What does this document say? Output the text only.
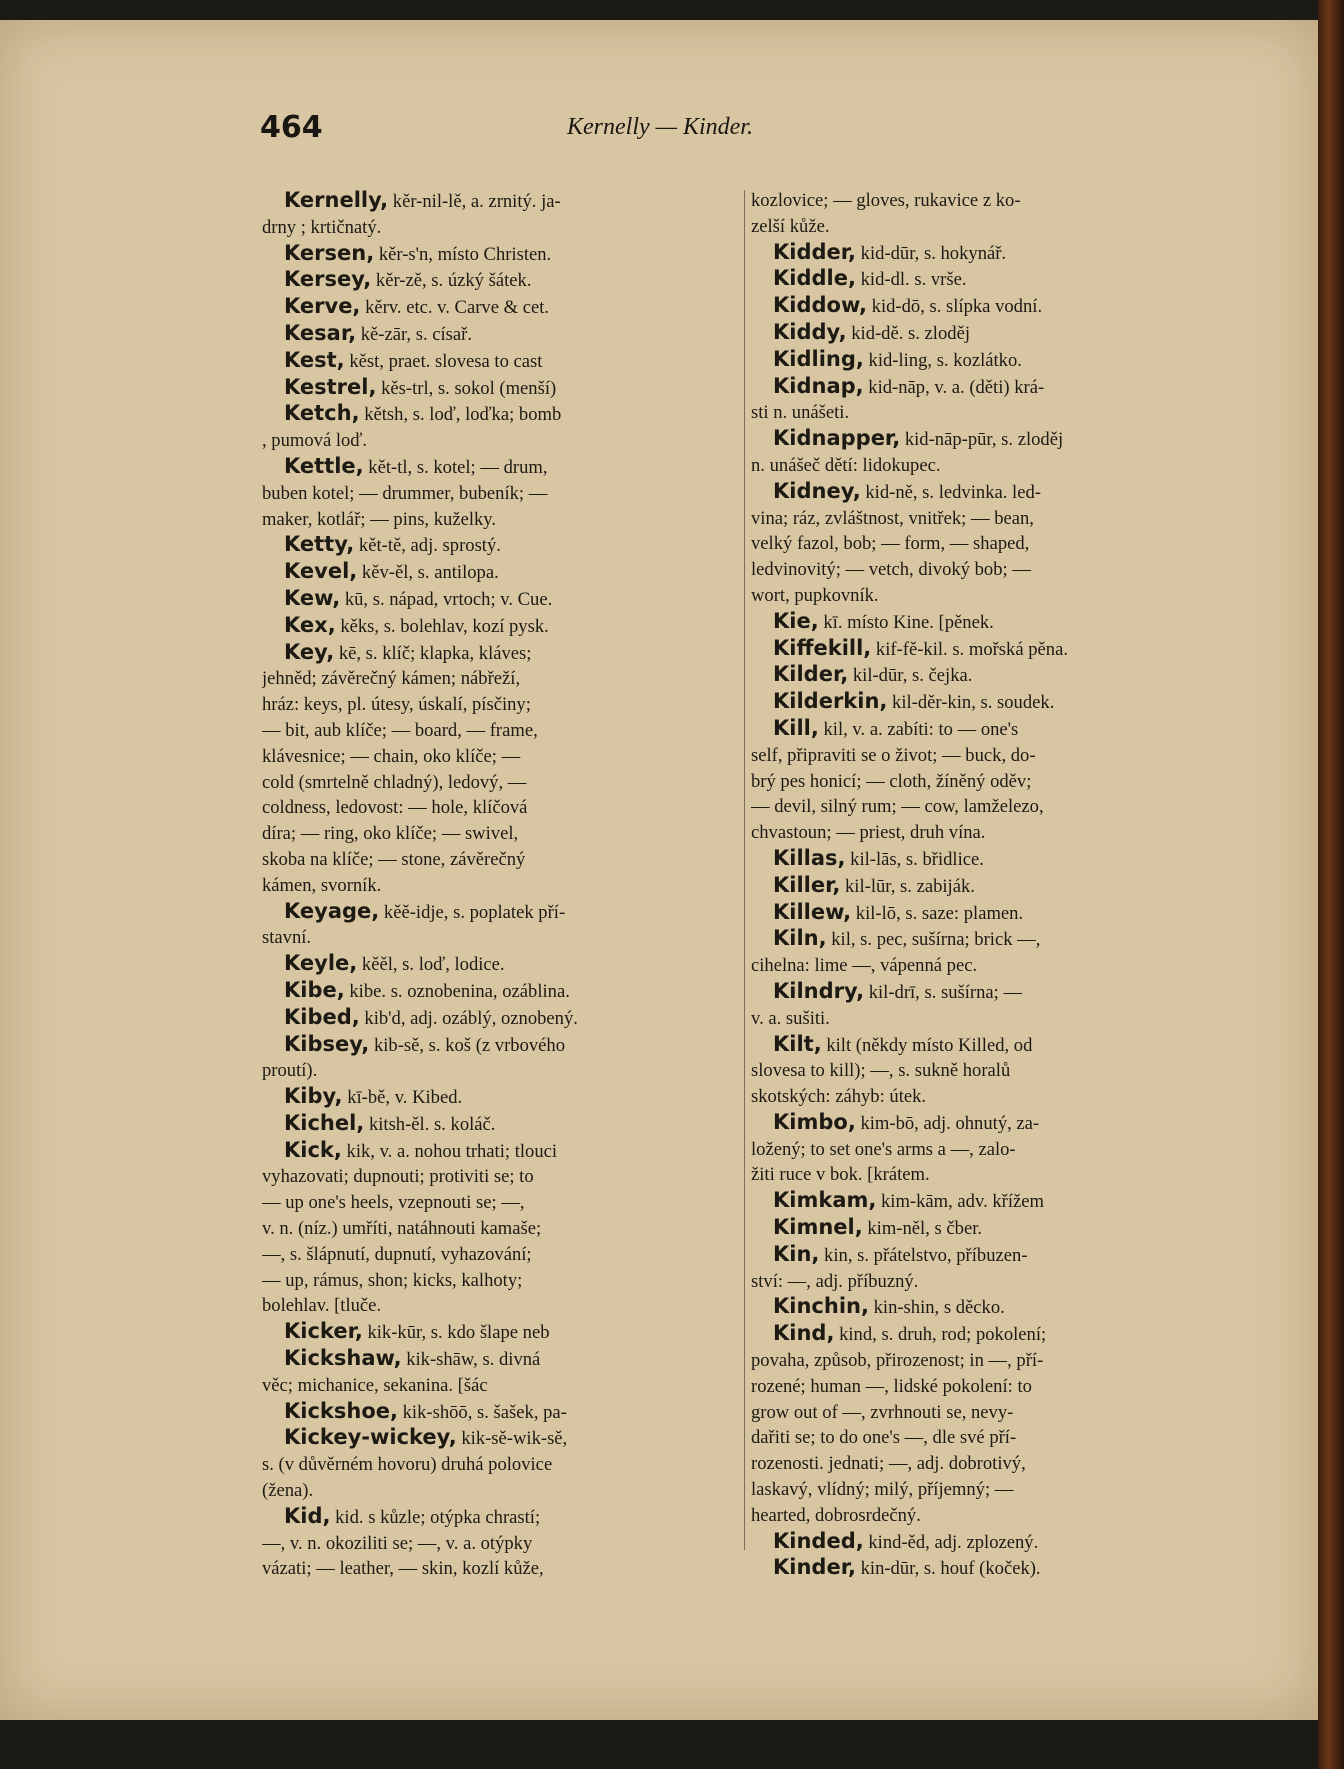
464	Kernelly — Kinder.
Kernelly, kěr-nil-lě, a. zrnitý. ja-
drny ; krtičnatý.
Kersen, kěr-s'n, místo Christen.
Kersey, kěr-zě, s. úzký šátek.
Kerve, kěrv. etc. v. Carve & cet.
Kesar, kě-zār, s. císař.
Kest, kěst, praet. slovesa to cast
Kestrel, kěs-trl, s. sokol (menší)
Ketch, kětsh, s. loď, loďka; bomb
, pumová loď.
Kettle, kět-tl, s. kotel; — drum,
buben kotel; — drummer, bubeník; —
maker, kotlář; — pins, kuželky.
Ketty, kět-tě, adj. sprostý.
Kevel, kěv-ěl, s. antilopa.
Kew, kū, s. nápad, vrtoch; v. Cue.
Kex, kěks, s. bolehlav, kozí pysk.
Key, kē, s. klíč; klapka, kláves;
jehněd; závěrečný kámen; nábřeží,
hráz: keys, pl. útesy, úskalí, písčiny;
— bit, aub klíče; — board, — frame,
klávesnice; — chain, oko klíče; —
cold (smrtelně chladný), ledový, —
coldness, ledovost: — hole, klíčová
díra; — ring, oko klíče; — swivel,
skoba na klíče; — stone, závěrečný
kámen, svorník.
Keyage, kěě-idje, s. poplatek pří-
stavní.
Keyle, kěěl, s. loď, lodice.
Kibe, kibe. s. oznobenina, ozáblina.
Kibed, kib'd, adj. ozáblý, oznobený.
Kibsey, kib-sě, s. koš (z vrbového
proutí).
Kiby, kī-bě, v. Kibed.
Kichel, kitsh-ěl. s. koláč.
Kick, kik, v. a. nohou trhati; tlouci
vyhazovati; dupnouti; protiviti se; to
— up one's heels, vzepnouti se; —,
v. n. (níz.) umříti, natáhnouti kamaše;
—, s. šlápnutí, dupnutí, vyhazování;
— up, rámus, shon; kicks, kalhoty;
bolehlav. [tluče.
Kicker, kik-kūr, s. kdo šlape neb
Kickshaw, kik-shāw, s. divná
věc; michanice, sekanina. [šác
Kickshoe, kik-shōō, s. šašek, pa-
Kickey-wickey, kik-sě-wik-sě,
s. (v důvěrném hovoru) druhá polovice
(žena).
Kid, kid. s kůzle; otýpka chrastí;
—, v. n. okoziliti se; —, v. a. otýpky
vázati; — leather, — skin, kozlí kůže,
kozlovice; — gloves, rukavice z ko-
zelší kůže.
Kidder, kid-dūr, s. hokynář.
Kiddle, kid-dl. s. vrše.
Kiddow, kid-dō, s. slípka vodní.
Kiddy, kid-dě. s. zloděj
Kidling, kid-ling, s. kozlátko.
Kidnap, kid-nāp, v. a. (děti) krá-
sti n. unášeti.
Kidnapper, kid-nāp-pūr, s. zloděj
n. unášeč dětí: lidokupec.
Kidney, kid-ně, s. ledvinka. led-
vina; ráz, zvláštnost, vnitřek; — bean,
velký fazol, bob; — form, — shaped,
ledvinovitý; — vetch, divoký bob; —
wort, pupkovník.
Kie, kī. místo Kine. [pěnek.
Kiffekill, kif-fě-kil. s. mořská pěna.
Kilder, kil-dūr, s. čejka.
Kilderkin, kil-děr-kin, s. soudek.
Kill, kil, v. a. zabíti: to — one's
self, připraviti se o život; — buck, do-
brý pes honicí; — cloth, žíněný oděv;
— devil, silný rum; — cow, lamželezo,
chvastoun; — priest, druh vína.
Killas, kil-lās, s. břidlice.
Killer, kil-lūr, s. zabiják.
Killew, kil-lō, s. saze: plamen.
Kiln, kil, s. pec, sušírna; brick —,
cihelna: lime —, vápenná pec.
Kilndry, kil-drī, s. sušírna; —
v. a. sušiti.
Kilt, kilt (někdy místo Killed, od
slovesa to kill); —, s. sukně horalů
skotských: záhyb: útek.
Kimbo, kim-bō, adj. ohnutý, za-
ložený; to set one's arms a —, zalo-
žiti ruce v bok. [krátem.
Kimkam, kim-kām, adv. křížem
Kimnel, kim-něl, s čber.
Kin, kin, s. přátelstvo, příbuzen-
ství: —, adj. příbuzný.
Kinchin, kin-shin, s děcko.
Kind, kind, s. druh, rod; pokolení;
povaha, způsob, přirozenost; in —, pří-
rozené; human —, lidské pokolení: to
grow out of —, zvrhnouti se, nevy-
dařiti se; to do one's —, dle své pří-
rozenosti. jednati; —, adj. dobrotivý,
laskavý, vlídný; milý, příjemný; —
hearted, dobrosrdečný.
Kinded, kind-ěd, adj. zplozený.
Kinder, kin-dūr, s. houf (koček).
